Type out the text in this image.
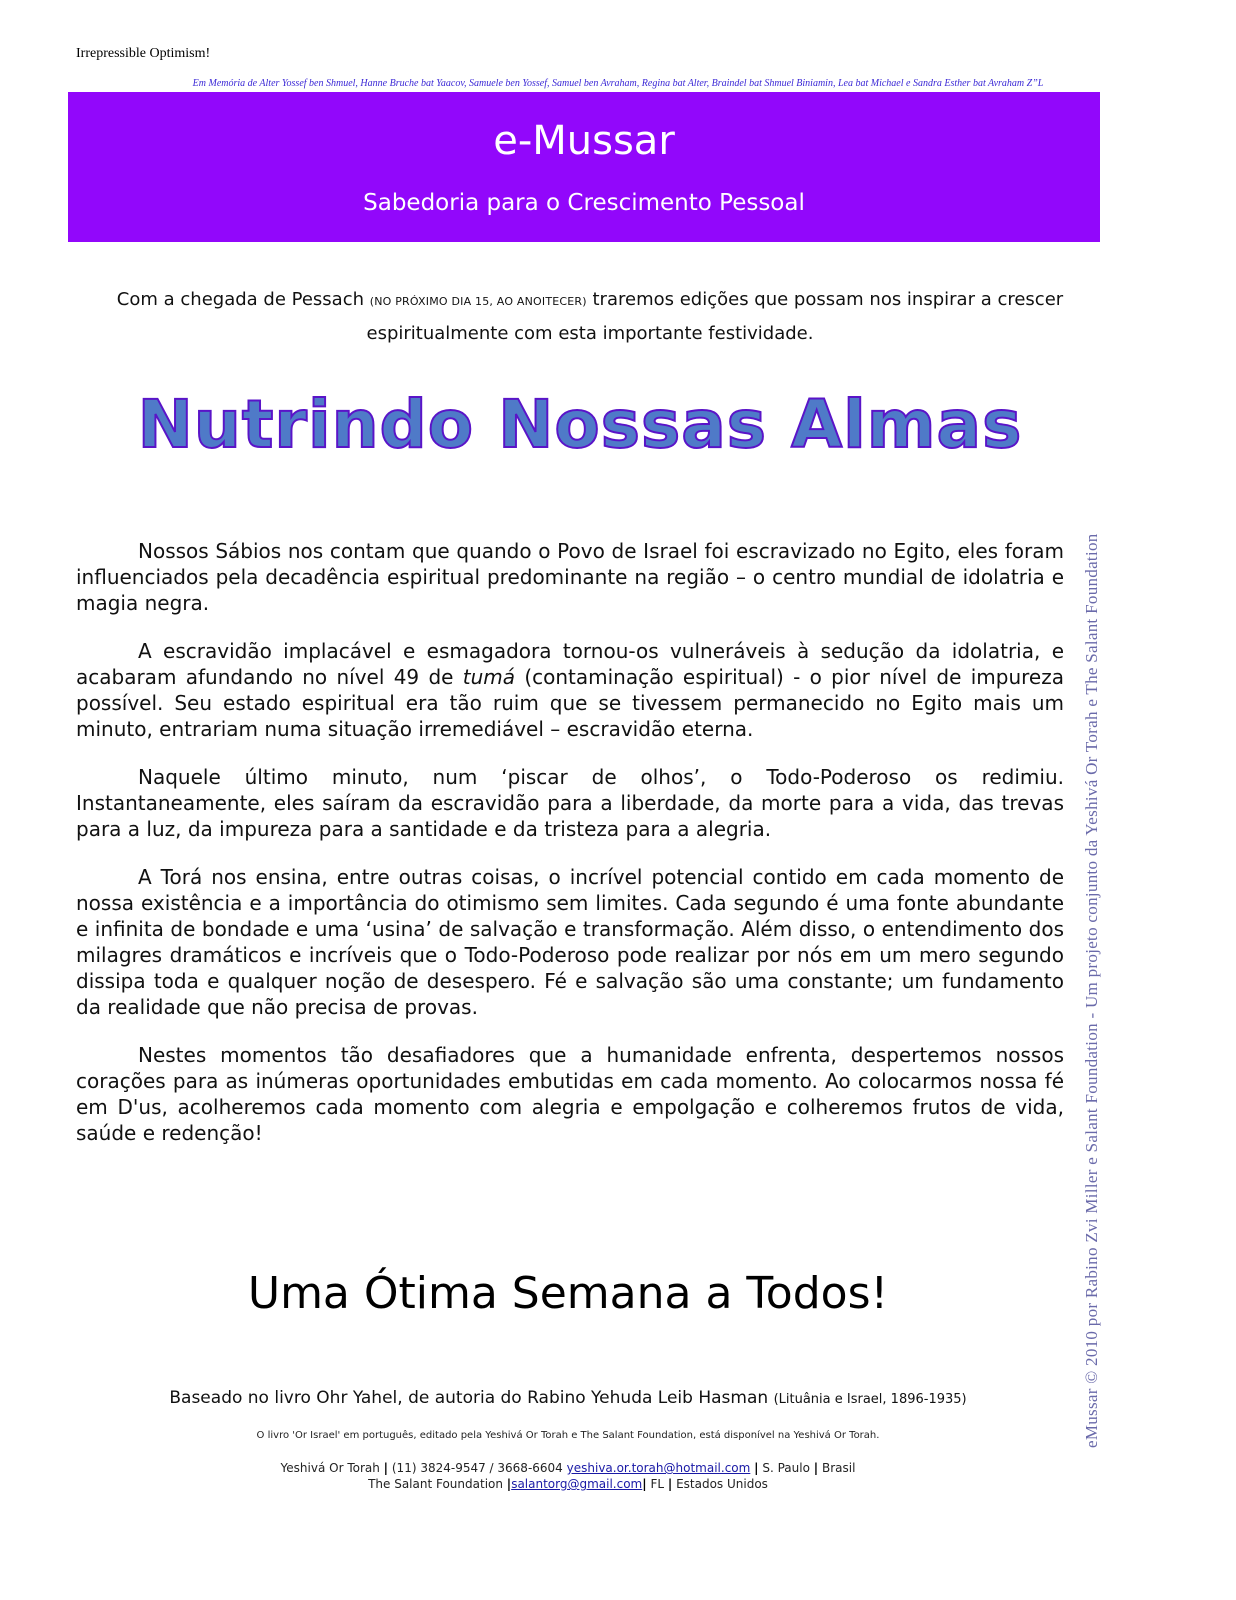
Irrepressible Optimism!
Em Memória de Alter Yossef ben Shmuel, Hanne Bruche bat Yaacov, Samuele ben Yossef, Samuel ben Avraham, Regina bat Alter, Braindel bat Shmuel Biniamin, Lea bat Michael e Sandra Esther bat Avraham Z”L
e-Mussar
Sabedoria para o Crescimento Pessoal
Com a chegada de Pessach (NO PRÓXIMO DIA 15, AO ANOITECER) traremos edições que possam nos inspirar a crescer espiritualmente com esta importante festividade.
Nutrindo Nossas Almas

Nossos Sábios nos contam que quando o Povo de Israel foi escravizado no Egito, eles foram influenciados pela decadência espiritual predominante na região – o centro mundial de idolatria e magia negra.

A escravidão implacável e esmagadora tornou-os vulneráveis à sedução da idolatria, e acabaram afundando no nível 49 de tumá (contaminação espiritual) - o pior nível de impureza possível. Seu estado espiritual era tão ruim que se tivessem permanecido no Egito mais um minuto, entrariam numa situação irremediável – escravidão eterna.

Naquele último minuto, num ‘piscar de olhos’, o Todo-Poderoso os redimiu. Instantaneamente, eles saíram da escravidão para a liberdade, da morte para a vida, das trevas para a luz, da impureza para a santidade e da tristeza para a alegria.

A Torá nos ensina, entre outras coisas, o incrível potencial contido em cada momento de nossa existência e a importância do otimismo sem limites. Cada segundo é uma fonte abundante e infinita de bondade e uma ‘usina’ de salvação e transformação. Além disso, o entendimento dos milagres dramáticos e incríveis que o Todo-Poderoso pode realizar por nós em um mero segundo dissipa toda e qualquer noção de desespero. Fé e salvação são uma constante; um fundamento da realidade que não precisa de provas.

Nestes momentos tão desafiadores que a humanidade enfrenta, despertemos nossos corações para as inúmeras oportunidades embutidas em cada momento. Ao colocarmos nossa fé em D'us, acolheremos cada momento com alegria e empolgação e colheremos frutos de vida, saúde e redenção!

Uma Ótima Semana a Todos!
Baseado no livro Ohr Yahel, de autoria do Rabino Yehuda Leib Hasman (Lituânia e Israel, 1896-1935)
O livro 'Or Israel' em português, editado pela Yeshivá Or Torah e The Salant Foundation, está disponível na Yeshivá Or Torah.
Yeshivá Or Torah | (11) 3824-9547 / 3668-6604 yeshiva.or.torah@hotmail.com | S. Paulo | Brasil
The Salant Foundation |salantorg@gmail.com| FL | Estados Unidos
eMussar © 2010 por Rabino Zvi Miller e Salant Foundation - Um projeto conjunto da Yeshivá Or Torah e The Salant Foundation
